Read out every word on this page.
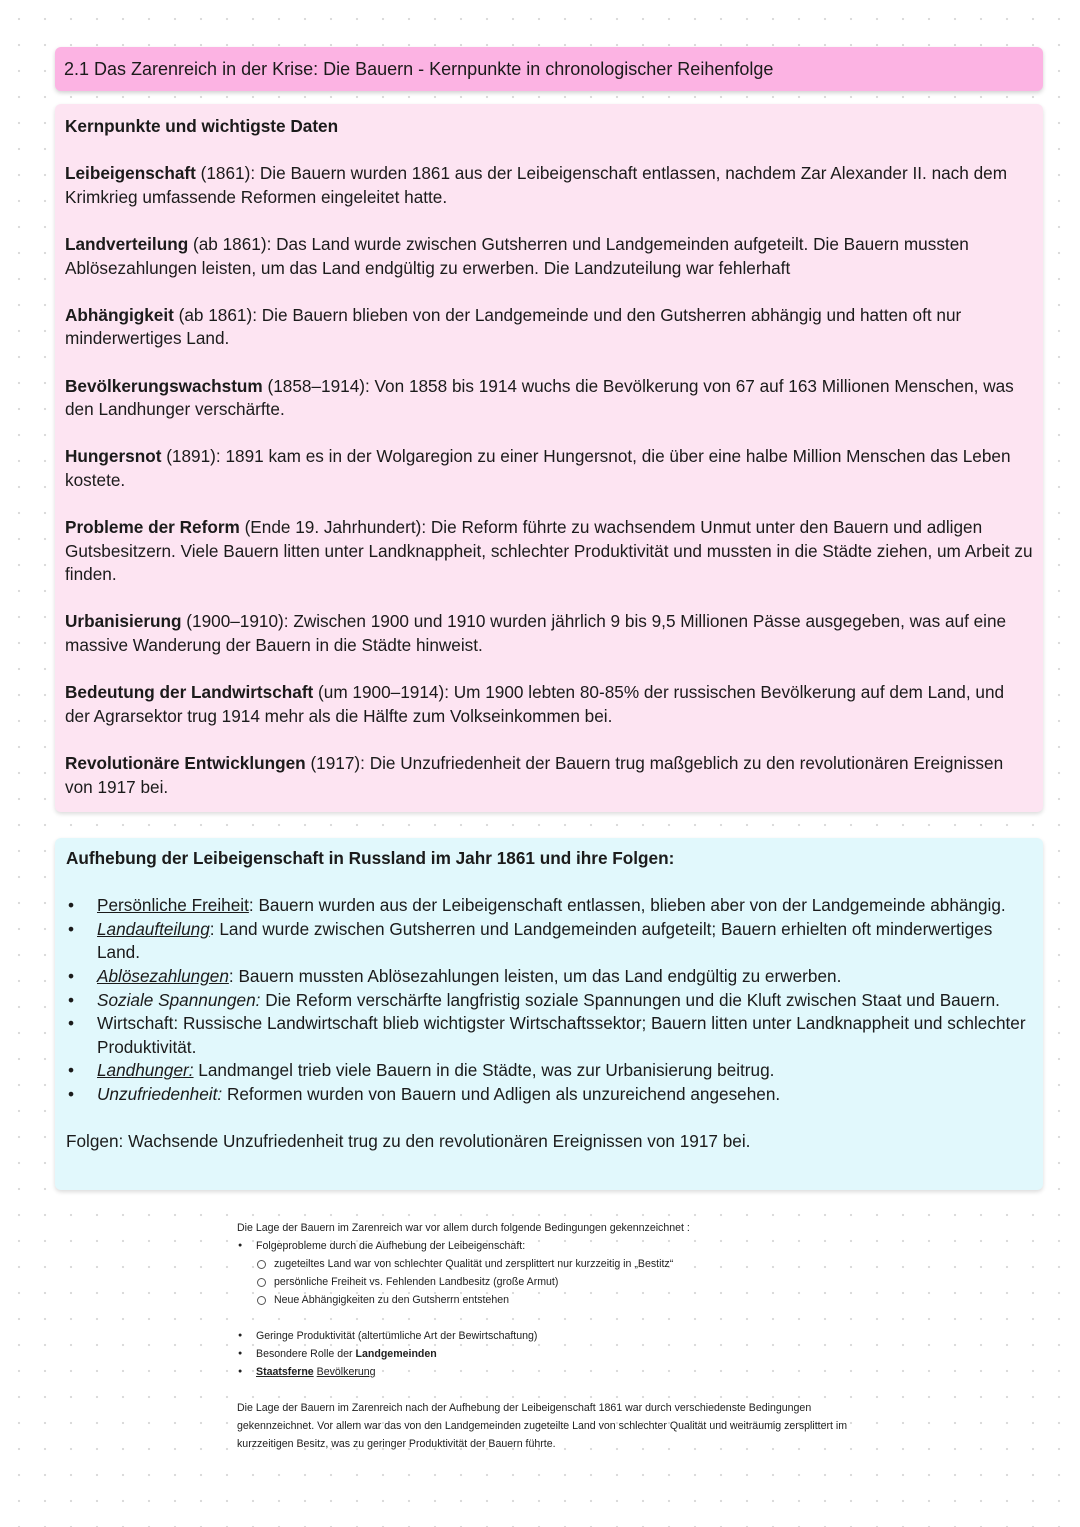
2.1 Das Zarenreich in der Krise: Die Bauern - Kernpunkte in chronologischer Reihenfolge
Kernpunkte und wichtigste Daten

Leibeigenschaft (1861): Die Bauern wurden 1861 aus der Leibeigenschaft entlassen, nachdem Zar Alexander II. nach dem Krimkrieg umfassende Reformen eingeleitet hatte.

Landverteilung (ab 1861): Das Land wurde zwischen Gutsherren und Landgemeinden aufgeteilt. Die Bauern mussten Ablösezahlungen leisten, um das Land endgültig zu erwerben. Die Landzuteilung war fehlerhaft

Abhängigkeit (ab 1861): Die Bauern blieben von der Landgemeinde und den Gutsherren abhängig und hatten oft nur minderwertiges Land.

Bevölkerungswachstum (1858–1914): Von 1858 bis 1914 wuchs die Bevölkerung von 67 auf 163 Millionen Menschen, was den Landhunger verschärfte.

Hungersnot (1891): 1891 kam es in der Wolgaregion zu einer Hungersnot, die über eine halbe Million Menschen das Leben kostete.

Probleme der Reform (Ende 19. Jahrhundert): Die Reform führte zu wachsendem Unmut unter den Bauern und adligen Gutsbesitzern. Viele Bauern litten unter Landknappheit, schlechter Produktivität und mussten in die Städte ziehen, um Arbeit zu finden.

Urbanisierung (1900–1910): Zwischen 1900 und 1910 wurden jährlich 9 bis 9,5 Millionen Pässe ausgegeben, was auf eine massive Wanderung der Bauern in die Städte hinweist.

Bedeutung der Landwirtschaft (um 1900–1914): Um 1900 lebten 80-85% der russischen Bevölkerung auf dem Land, und der Agrarsektor trug 1914 mehr als die Hälfte zum Volkseinkommen bei.

Revolutionäre Entwicklungen (1917): Die Unzufriedenheit der Bauern trug maßgeblich zu den revolutionären Ereignissen von 1917 bei.

Aufhebung der Leibeigenschaft in Russland im Jahr 1861 und ihre Folgen:
• Persönliche Freiheit: Bauern wurden aus der Leibeigenschaft entlassen, blieben aber von der Landgemeinde abhängig.
• Landaufteilung: Land wurde zwischen Gutsherren und Landgemeinden aufgeteilt; Bauern erhielten oft minderwertiges Land.
• Ablösezahlungen: Bauern mussten Ablösezahlungen leisten, um das Land endgültig zu erwerben.
• Soziale Spannungen: Die Reform verschärfte langfristig soziale Spannungen und die Kluft zwischen Staat und Bauern.
• Wirtschaft: Russische Landwirtschaft blieb wichtigster Wirtschaftssektor; Bauern litten unter Landknappheit und schlechter Produktivität.
• Landhunger: Landmangel trieb viele Bauern in die Städte, was zur Urbanisierung beitrug.
• Unzufriedenheit: Reformen wurden von Bauern und Adligen als unzureichend angesehen.

Folgen: Wachsende Unzufriedenheit trug zu den revolutionären Ereignissen von 1917 bei.

Die Lage der Bauern im Zarenreich war vor allem durch folgende Bedingungen gekennzeichnet :

● Folgeprobleme durch die Aufhebung der Leibeigenschaft:
zugeteiltes Land war von schlechter Qualität und zersplittert nur kurzzeitig in „Bestitz“
persönliche Freiheit vs. Fehlenden Landbesitz (große Armut)
Neue Abhängigkeiten zu den Gutsherrn entstehen
● Geringe Produktivität (altertümliche Art der Bewirtschaftung)
● Besondere Rolle der Landgemeinden
● Staatsferne Bevölkerung

Die Lage der Bauern im Zarenreich nach der Aufhebung der Leibeigenschaft 1861 war durch verschiedenste Bedingungen gekennzeichnet. Vor allem war das von den Landgemeinden zugeteilte Land von schlechter Qualität und weiträumig zersplittert im kurzzeitigen Besitz, was zu geringer Produktivität der Bauern führte.
